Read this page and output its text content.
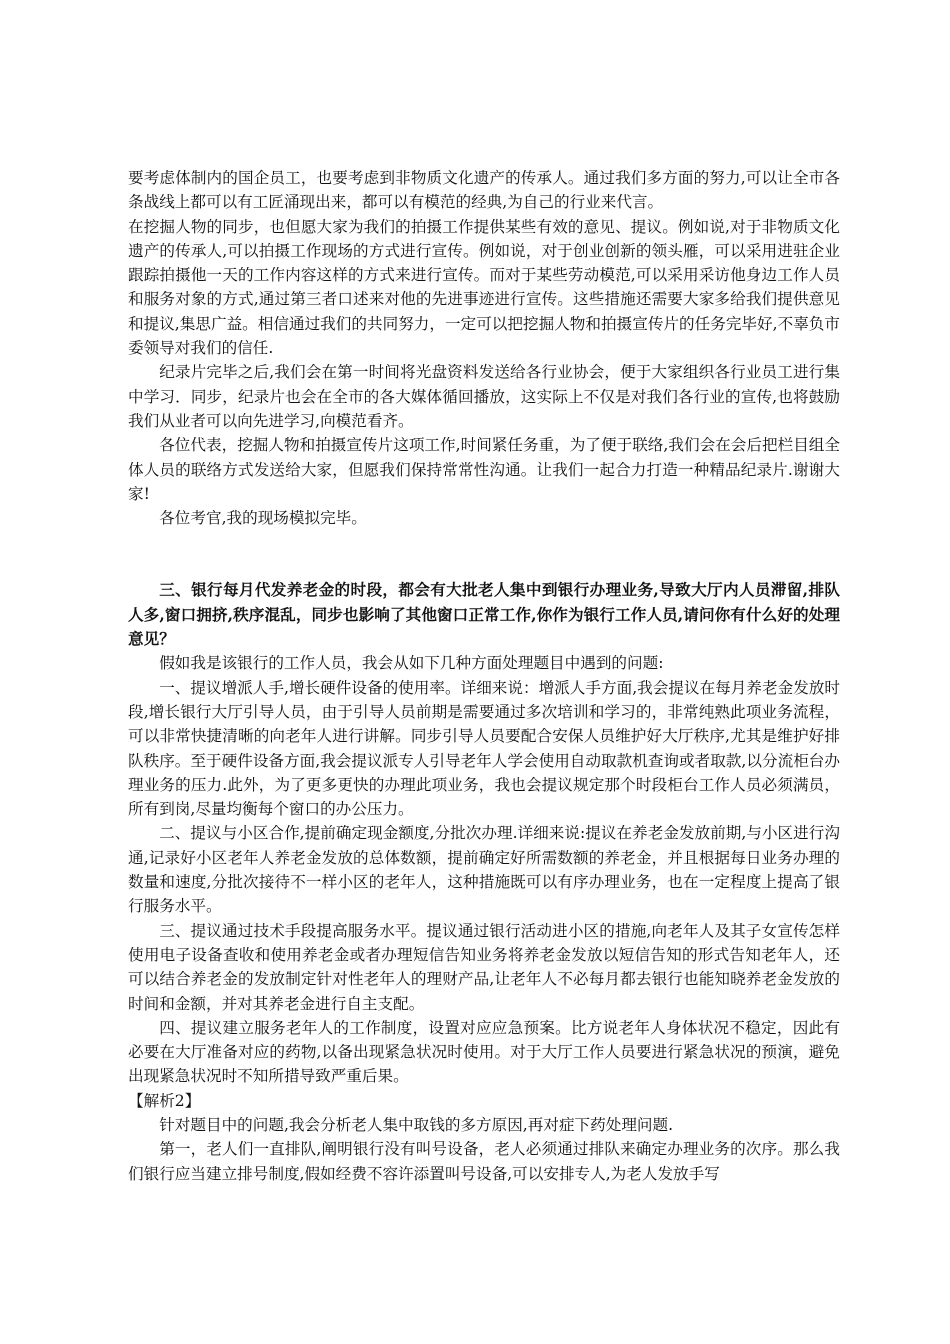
要考虑体制内的国企员工，也要考虑到非物质文化遗产的传承人。通过我们多方面的努力,可以让全市各条战线上都可以有工匠涌现出来，都可以有模范的经典,为自己的行业来代言。

在挖掘人物的同步，也但愿大家为我们的拍摄工作提供某些有效的意见、提议。例如说,对于非物质文化遗产的传承人,可以拍摄工作现场的方式进行宣传。例如说，对于创业创新的领头雁，可以采用进驻企业跟踪拍摄他一天的工作内容这样的方式来进行宣传。而对于某些劳动模范,可以采用采访他身边工作人员和服务对象的方式,通过第三者口述来对他的先进事迹进行宣传。这些措施还需要大家多给我们提供意见和提议,集思广益。相信通过我们的共同努力，一定可以把挖掘人物和拍摄宣传片的任务完毕好,不辜负市委领导对我们的信任.

纪录片完毕之后,我们会在第一时间将光盘资料发送给各行业协会，便于大家组织各行业员工进行集中学习．同步，纪录片也会在全市的各大媒体循回播放，这实际上不仅是对我们各行业的宣传,也将鼓励我们从业者可以向先进学习,向模范看齐。

各位代表，挖掘人物和拍摄宣传片这项工作,时间紧任务重，为了便于联络,我们会在会后把栏目组全体人员的联络方式发送给大家，但愿我们保持常常性沟通。让我们一起合力打造一种精品纪录片.谢谢大家!

各位考官,我的现场模拟完毕。

三、银行每月代发养老金的时段，都会有大批老人集中到银行办理业务,导致大厅内人员滞留,排队人多,窗口拥挤,秩序混乱，同步也影响了其他窗口正常工作,你作为银行工作人员,请问你有什么好的处理意见？

假如我是该银行的工作人员，我会从如下几种方面处理题目中遇到的问题:

一、提议增派人手,增长硬件设备的使用率。详细来说：增派人手方面,我会提议在每月养老金发放时段,增长银行大厅引导人员，由于引导人员前期是需要通过多次培训和学习的，非常纯熟此项业务流程，可以非常快捷清晰的向老年人进行讲解。同步引导人员要配合安保人员维护好大厅秩序,尤其是维护好排队秩序。至于硬件设备方面,我会提议派专人引导老年人学会使用自动取款机查询或者取款,以分流柜台办理业务的压力.此外，为了更多更快的办理此项业务，我也会提议规定那个时段柜台工作人员必须满员，所有到岗,尽量均衡每个窗口的办公压力。

二、提议与小区合作,提前确定现金额度,分批次办理.详细来说:提议在养老金发放前期,与小区进行沟通,记录好小区老年人养老金发放的总体数额，提前确定好所需数额的养老金，并且根据每日业务办理的数量和速度,分批次接待不一样小区的老年人，这种措施既可以有序办理业务，也在一定程度上提高了银行服务水平。

三、提议通过技术手段提高服务水平。提议通过银行活动进小区的措施,向老年人及其子女宣传怎样使用电子设备查收和使用养老金或者办理短信告知业务将养老金发放以短信告知的形式告知老年人，还可以结合养老金的发放制定针对性老年人的理财产品,让老年人不必每月都去银行也能知晓养老金发放的时间和金额，并对其养老金进行自主支配。

四、提议建立服务老年人的工作制度，设置对应应急预案。比方说老年人身体状况不稳定，因此有必要在大厅准备对应的药物,以备出现紧急状况时使用。对于大厅工作人员要进行紧急状况的预演，避免出现紧急状况时不知所措导致严重后果。

【解析2】

针对题目中的问题,我会分析老人集中取钱的多方原因,再对症下药处理问题.

第一，老人们一直排队,阐明银行没有叫号设备，老人必须通过排队来确定办理业务的次序。那么我们银行应当建立排号制度,假如经费不容许添置叫号设备,可以安排专人,为老人发放手写
